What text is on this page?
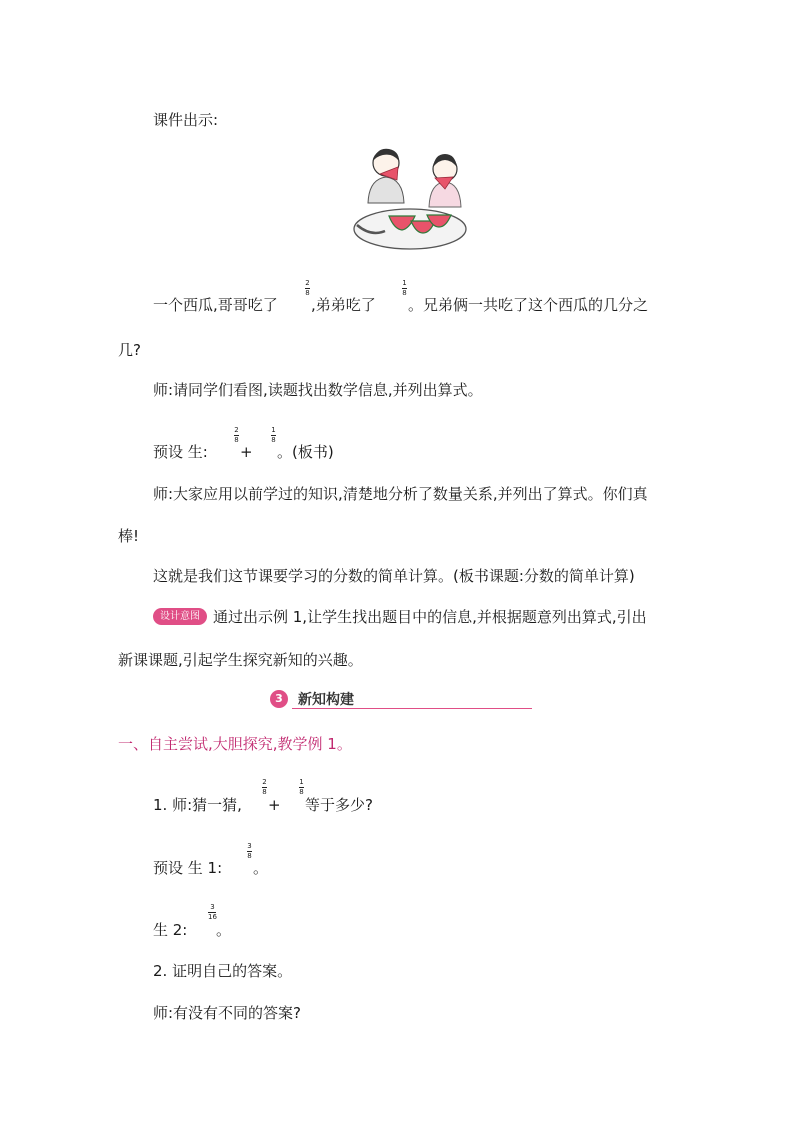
课件出示:
一个西瓜,哥哥吃了
2
8
,弟弟吃了
1
8
。兄弟俩一共吃了这个西瓜的几分之
几?
师:请同学们看图,读题找出数学信息,并列出算式。
预设 生:
2
8
+
1
8
。(板书)
师:大家应用以前学过的知识,清楚地分析了数量关系,并列出了算式。你们真
棒!
这就是我们这节课要学习的分数的简单计算。(板书课题:分数的简单计算)
设计意图 通过出示例 1,让学生找出题目中的信息,并根据题意列出算式,引出
新课课题,引起学生探究新知的兴趣。
3	新知构建
一、自主尝试,大胆探究,教学例 1。
1. 师:猜一猜,
2
8
+
1
8
等于多少?
预设 生 1:
3
8
。
生 2:
3
16
。
2. 证明自己的答案。
师:有没有不同的答案?
